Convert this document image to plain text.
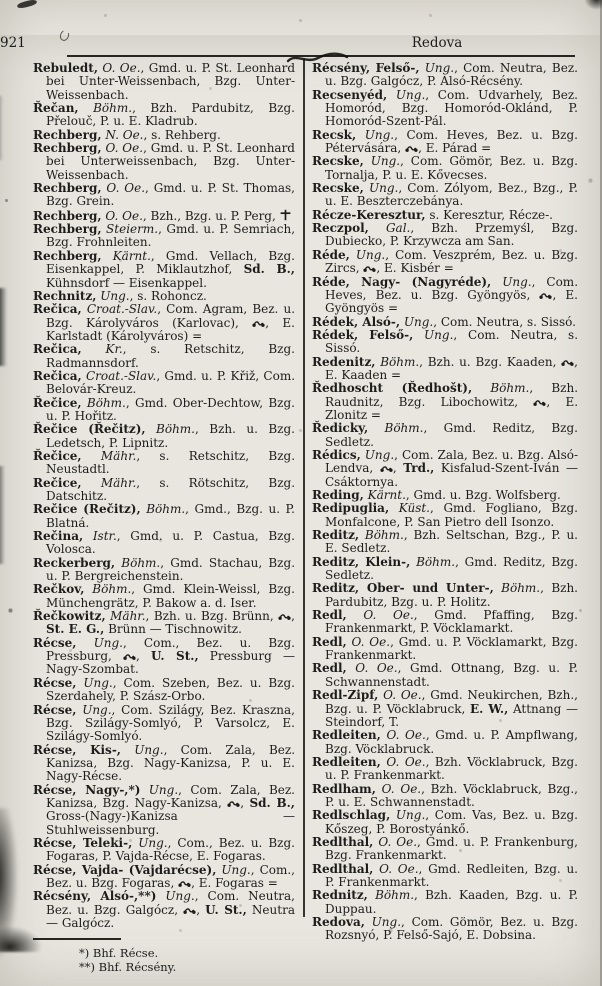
921	Redova

Rebuledt, O. Oe., Gmd. u. P. St. Leonhard bei Unter-Weissenbach, Bzg. Unter-Weissenbach.

Řečan, Böhm., Bzh. Pardubitz, Bzg. Přelouč, P. u. E. Kladrub.

Rechberg, N. Oe., s. Rehberg.

Rechberg, O. Oe., Gmd. u. P. St. Leonhard bei Unterweissenbach, Bzg. Unter-Weissenbach.

Rechberg, O. Oe., Gmd. u. P. St. Thomas, Bzg. Grein.

Rechberg, O. Oe., Bzh., Bzg. u. P. Perg,

Rechberg, Steierm., Gmd. u. P. Semriach, Bzg. Frohnleiten.

Rechberg, Kärnt., Gmd. Vellach, Bzg. Eisenkappel, P. Miklautzhof, Sd. B., Kühnsdorf — Eisenkappel.

Rechnitz, Ung., s. Rohoncz.

Rečica, Croat.-Slav., Com. Agram, Bez. u. Bzg. Károlyváros (Karlovac), , E. Karlstadt (Károlyváros) =

Rečica, Kr., s. Retschitz, Bzg. Radmannsdorf.

Rečica, Croat.-Slav., Gmd. u. P. Křiž, Com. Belovár-Kreuz.

Řečice, Böhm., Gmd. Ober-Dechtow, Bzg. u. P. Hořitz.

Řečice (Řečitz), Böhm., Bzh. u. Bzg. Ledetsch, P. Lipnitz.

Řečice, Mähr., s. Retschitz, Bzg. Neustadtl.

Rečice, Mähr., s. Rötschitz, Bzg. Datschitz.

Rečice (Rečitz), Böhm., Gmd., Bzg. u. P. Blatná.

Rečina, Istr., Gmd. u. P. Castua, Bzg. Volosca.

Reckerberg, Böhm., Gmd. Stachau, Bzg. u. P. Bergreichenstein.

Rečkov, Böhm., Gmd. Klein-Weissl, Bzg. Münchengrätz, P. Bakow a. d. Iser.

Řečkowitz, Mähr., Bzh. u. Bzg. Brünn, , St. E. G., Brünn — Tischnowitz.

Récse, Ung., Com., Bez. u. Bzg. Pressburg, , U. St., Pressburg — Nagy-Szombat.

Récse, Ung., Com. Szeben, Bez. u. Bzg. Szerdahely, P. Szász-Orbo.

Récse, Ung., Com. Szilágy, Bez. Kraszna, Bzg. Szilágy-Somlyó, P. Varsolcz, E. Szilágy-Somlyó.

Récse, Kis-, Ung., Com. Zala, Bez. Kanizsa, Bzg. Nagy-Kanizsa, P. u. E. Nagy-Récse.

Récse, Nagy-,*) Ung., Com. Zala, Bez. Kanizsa, Bzg. Nagy-Kanizsa, , Sd. B., Gross-(Nagy-)Kanizsa — Stuhlweissenburg.

Récse, Teleki-, Ung., Com., Bez. u. Bzg. Fogaras, P. Vajda-Récse, E. Fogaras.

Récse, Vajda- (Vajdarécse), Ung., Com., Bez. u. Bzg. Fogaras, , E. Fogaras =

Récsény, Alsó-,**) Ung., Com. Neutra, Bez. u. Bzg. Galgócz, , U. St., Neutra — Galgócz.

*) Bhf. Récse.

**) Bhf. Récsény.

Récsény, Felső-, Ung., Com. Neutra, Bez. u. Bzg. Galgócz, P. Alsó-Récsény.

Recsenyéd, Ung., Com. Udvarhely, Bez. Homoród, Bzg. Homoród-Oklánd, P. Homoród-Szent-Pál.

Recsk, Ung., Com. Heves, Bez. u. Bzg. Pétervására, , E. Párad =

Recske, Ung., Com. Gömör, Bez. u. Bzg. Tornalja, P. u. E. Kővecses.

Recske, Ung., Com. Zólyom, Bez., Bzg., P. u. E. Beszterczebánya.

Récze-Keresztur, s. Keresztur, Récze-.

Reczpol, Gal., Bzh. Przemyśl, Bzg. Dubiecko, P. Krzywcza am San.

Réde, Ung., Com. Veszprém, Bez. u. Bzg. Zircs, , E. Kisbér =

Réde, Nagy- (Nagyréde), Ung., Com. Heves, Bez. u. Bzg. Gyöngyös, , E. Gyöngyös =

Rédek, Alsó-, Ung., Com. Neutra, s. Sissó.

Rédek, Felső-, Ung., Com. Neutra, s. Sissó.

Redenitz, Böhm., Bzh. u. Bzg. Kaaden, , E. Kaaden =

Ředhoscht (Ředhošt), Böhm., Bzh. Raudnitz, Bzg. Libochowitz, , E. Zlonitz =

Ředicky, Böhm., Gmd. Reditz, Bzg. Sedletz.

Rédics, Ung., Com. Zala, Bez. u. Bzg. Alsó-Lendva, , Trd., Kisfalud-Szent-Iván — Csáktornya.

Reding, Kärnt., Gmd. u. Bzg. Wolfsberg.

Redipuglia, Küst., Gmd. Fogliano, Bzg. Monfalcone, P. San Pietro dell Isonzo.

Reditz, Böhm., Bzh. Seltschan, Bzg., P. u. E. Sedletz.

Reditz, Klein-, Böhm., Gmd. Reditz, Bzg. Sedletz.

Reditz, Ober- und Unter-, Böhm., Bzh. Pardubitz, Bzg. u. P. Holitz.

Redl, O. Oe., Gmd. Pfaffing, Bzg. Frankenmarkt, P. Vöcklamarkt.

Redl, O. Oe., Gmd. u. P. Vöcklamarkt, Bzg. Frankenmarkt.

Redl, O. Oe., Gmd. Ottnang, Bzg. u. P. Schwannenstadt.

Redl-Zipf, O. Oe., Gmd. Neukirchen, Bzh., Bzg. u. P. Vöcklabruck, E. W., Attnang — Steindorf, T.

Redleiten, O. Oe., Gmd. u. P. Ampflwang, Bzg. Vöcklabruck.

Redleiten, O. Oe., Bzh. Vöcklabruck, Bzg. u. P. Frankenmarkt.

Redlham, O. Oe., Bzh. Vöcklabruck, Bzg., P. u. E. Schwannenstadt.

Redlschlag, Ung., Com. Vas, Bez. u. Bzg. Kőszeg, P. Borostyánkő.

Redlthal, O. Oe., Gmd. u. P. Frankenburg, Bzg. Frankenmarkt.

Redlthal, O. Oe., Gmd. Redleiten, Bzg. u. P. Frankenmarkt.

Rednitz, Böhm., Bzh. Kaaden, Bzg. u. P. Duppau.

Redova, Ung., Com. Gömör, Bez. u. Bzg. Rozsnyó, P. Felső-Sajó, E. Dobsina.
